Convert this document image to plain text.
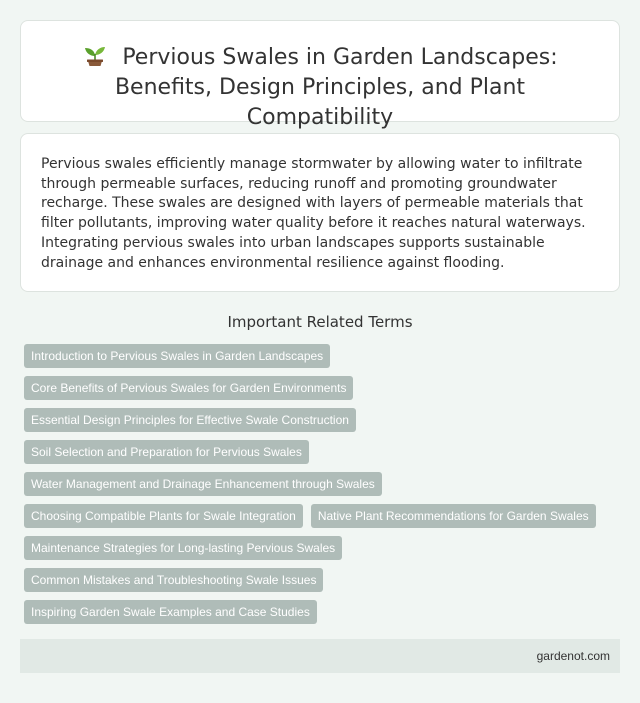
Pervious Swales in Garden Landscapes:
Benefits, Design Principles, and Plant Compatibility

Pervious swales efficiently manage stormwater by allowing water to infiltrate through permeable surfaces, reducing runoff and promoting groundwater recharge. These swales are designed with layers of permeable materials that filter pollutants, improving water quality before it reaches natural waterways. Integrating pervious swales into urban landscapes supports sustainable drainage and enhances environmental resilience against flooding.

Important Related Terms
Introduction to Pervious Swales in Garden Landscapes
Core Benefits of Pervious Swales for Garden Environments
Essential Design Principles for Effective Swale Construction
Soil Selection and Preparation for Pervious Swales
Water Management and Drainage Enhancement through Swales
Choosing Compatible Plants for Swale Integration	Native Plant Recommendations for Garden Swales
Maintenance Strategies for Long-lasting Pervious Swales
Common Mistakes and Troubleshooting Swale Issues
Inspiring Garden Swale Examples and Case Studies
gardenot.com
